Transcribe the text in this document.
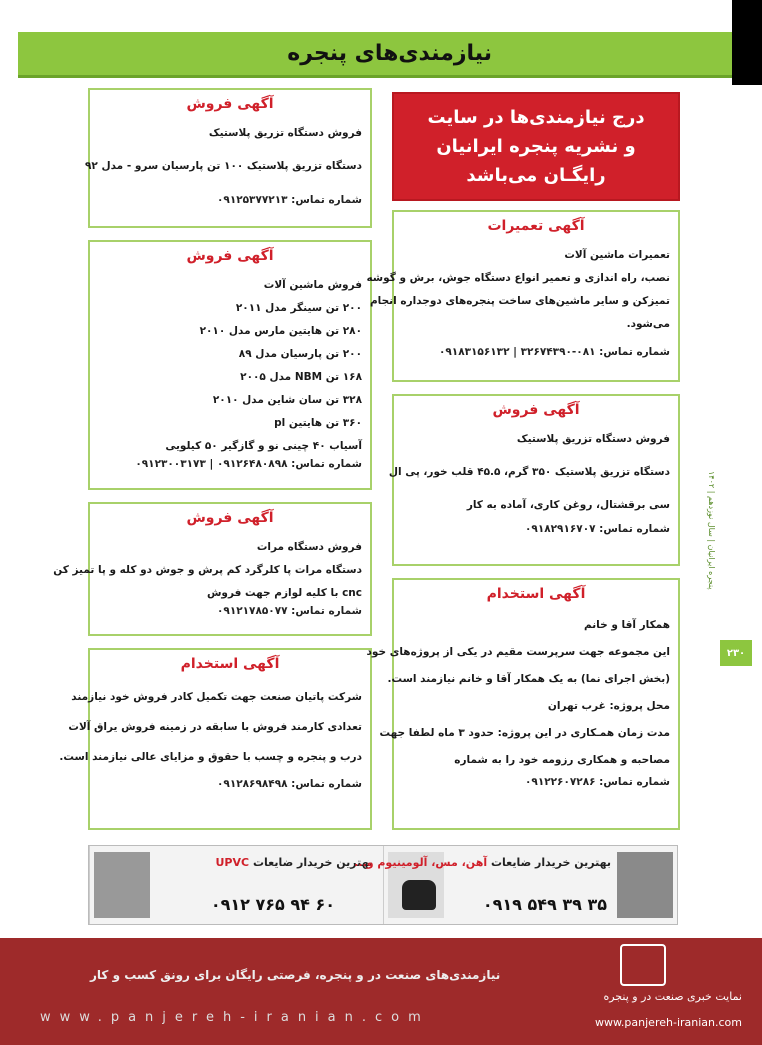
نیازمندی‌های پنجره
آگهی فروش
فروش دستگاه تزریق پلاستیک
دستگاه تزریق پلاستیک ۱۰۰ تن پارسیان سرو - مدل ۹۲
شماره تماس: ۰۹۱۲۵۳۷۷۲۱۳
آگهی فروش
فروش ماشین آلات
۲۰۰ تن سینگر مدل ۲۰۱۱
۲۸۰ تن هایتین مارس مدل ۲۰۱۰
۲۰۰ تن پارسیان مدل ۸۹
۱۶۸ تن NBM مدل ۲۰۰۵
۳۲۸ تن سان شاین مدل ۲۰۱۰
۳۶۰ تن هایتین pl
آسیاب ۴۰ چینی نو و گازگیر ۵۰ کیلویی
شماره تماس: ۰۹۱۲۶۴۸۰۸۹۸ | ۰۹۱۲۳۰۰۳۱۷۳
آگهی فروش
فروش دستگاه مرات
دستگاه مرات پا کلرگرد کم پرش و جوش دو کله و پا تمیز کن
cnc با کلیه لوازم جهت فروش
شماره تماس: ۰۹۱۲۱۷۸۵۰۷۷
آگهی استخدام
شرکت پاتیان صنعت جهت تکمیل کادر فروش خود نیازمند
تعدادی کارمند فروش با سابقه در زمینه فروش یراق آلات
درب و پنجره و چسب با حقوق و مزایای عالی نیازمند است.
شماره تماس: ۰۹۱۲۸۶۹۸۴۹۸
درج نیازمندی‌ها در سایت
و نشریه پنجره ایرانیان
رایگـان می‌باشد
آگهی تعمیرات
تعمیرات ماشین آلات
نصب، راه اندازی و تعمیر انواع دستگاه جوش، برش و گوشه
تمیزکن و سایر ماشین‌های ساخت پنجره‌های دوجداره انجام
می‌شود.
شماره تماس: ۰۸۱-۳۲۶۷۴۳۹۰ | ۰۹۱۸۳۱۵۶۱۳۲
آگهی فروش
فروش دستگاه تزریق پلاستیک
دستگاه تزریق پلاستیک ۳۵۰ گرم، ۴۵.۵ قلب خور، پی ال
سی برقشتال، روغن کاری، آماده به کار
شماره تماس: ۰۹۱۸۲۹۱۶۷۰۷
آگهی استخدام
همکار آقا و خانم
این مجموعه جهت سرپرست مقیم در یکی از پروژه‌های خود
(بخش اجرای نما) به یک همکار آقا و خانم نیازمند است.
محل پروژه: غرب تهران
مدت زمان همـکاری در این پروژه: حدود ۳ ماه لطفا جهت
مصاحبه و همکاری رزومه خود را به شماره
شماره تماس: ۰۹۱۲۲۶۰۷۲۸۶
پنجره ایرانیان | سال نوزدهم | ۱۴۰۲
۲۳۰
بهترین خریدار ضایعات UPVC
۰۹۱۲ ۷۶۵ ۹۴ ۶۰
بهترین خریدار ضایعات آهن، مس، آلومینیوم و...
۰۹۱۹ ۵۴۹ ۳۹ ۳۵
نیازمندی‌های صنعت در و پنجره، فرصتی رایگان برای رونق کسب و کار
www.panjereh-iranian.com
نمایت خبری صنعت در و پنجره
www.panjereh-iranian.com
